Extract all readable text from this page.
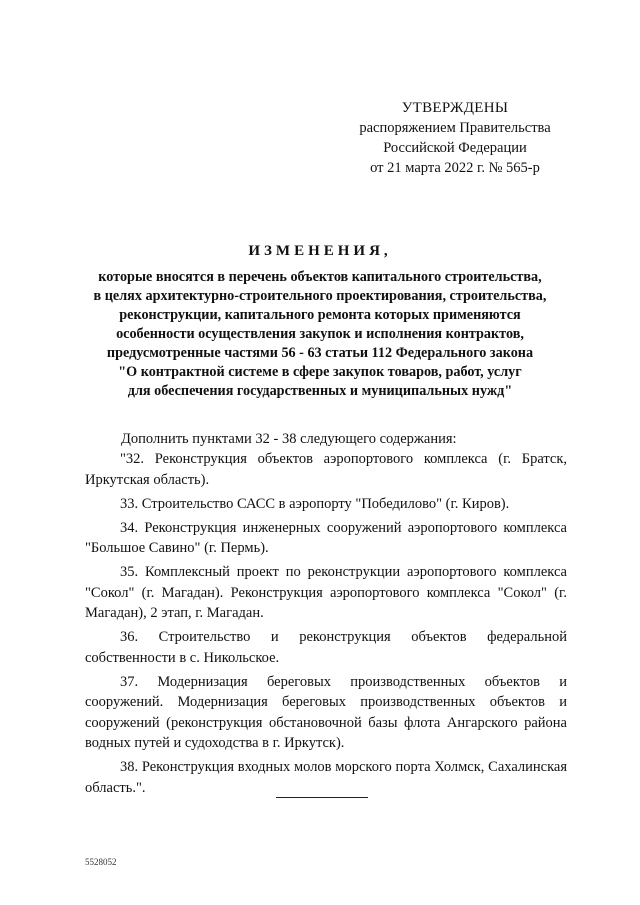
УТВЕРЖДЕНЫ
распоряжением Правительства
Российской Федерации
от 21 марта 2022 г. № 565-р
ИЗМЕНЕНИЯ,
которые вносятся в перечень объектов капитального строительства,
в целях архитектурно-строительного проектирования, строительства,
реконструкции, капитального ремонта которых применяются
особенности осуществления закупок и исполнения контрактов,
предусмотренные частями 56 - 63 статьи 112 Федерального закона
"О контрактной системе в сфере закупок товаров, работ, услуг
для обеспечения государственных и муниципальных нужд"
Дополнить пунктами 32 - 38 следующего содержания:

"32. Реконструкция объектов аэропортового комплекса (г. Братск, Иркутская область).

33. Строительство САСС в аэропорту "Победилово" (г. Киров).

34. Реконструкция инженерных сооружений аэропортового комплекса "Большое Савино" (г. Пермь).

35. Комплексный проект по реконструкции аэропортового комплекса "Сокол" (г. Магадан). Реконструкция аэропортового комплекса "Сокол" (г. Магадан), 2 этап, г. Магадан.

36. Строительство и реконструкция объектов федеральной собственности в с. Никольское.

37. Модернизация береговых производственных объектов и сооружений. Модернизация береговых производственных объектов и сооружений (реконструкция обстановочной базы флота Ангарского района водных путей и судоходства в г. Иркутск).

38. Реконструкция входных молов морского порта Холмск, Сахалинская область.".

5528052
